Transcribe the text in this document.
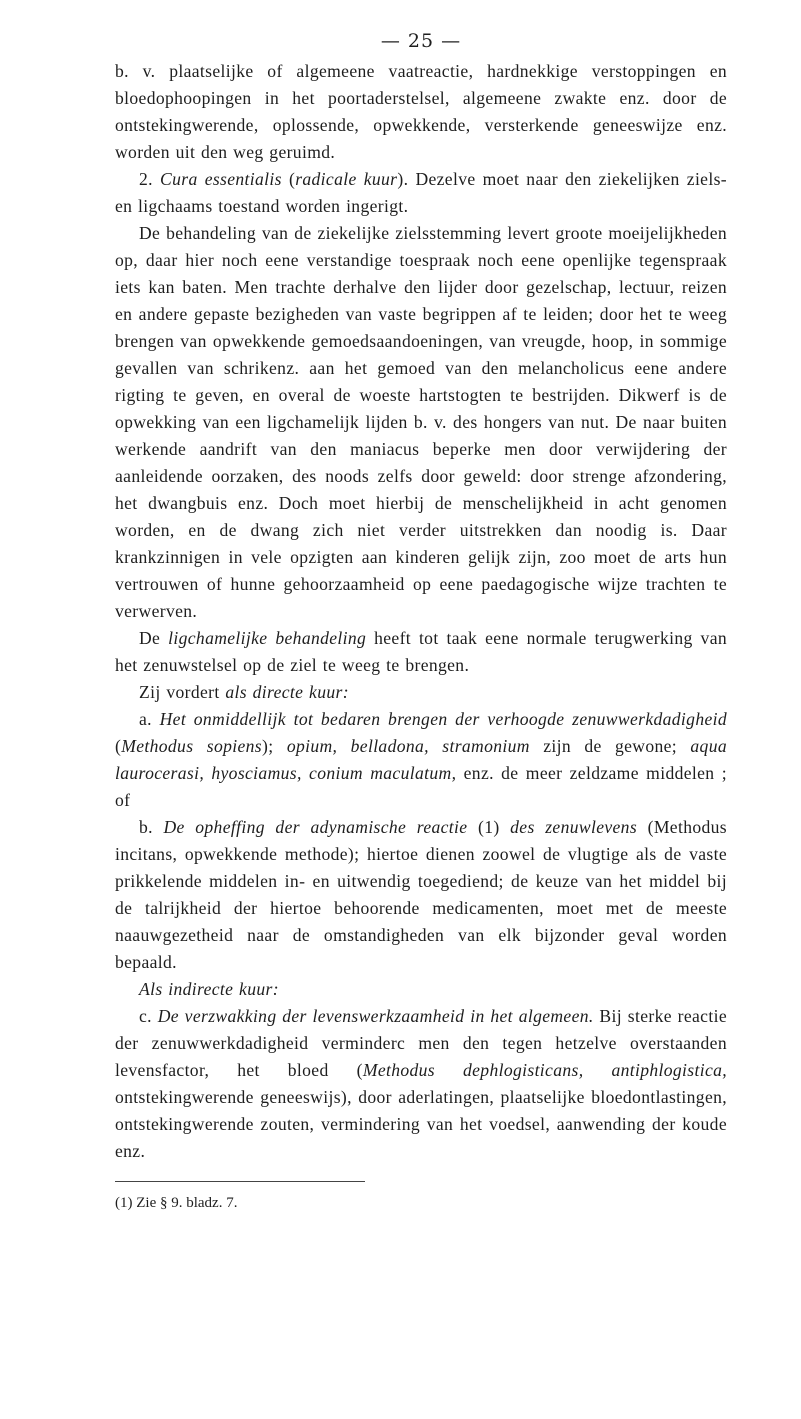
— 25 —

b. v. plaatselijke of algemeene vaatreactie, hardnekkige verstoppingen en bloedophoopingen in het poortaderstelsel, algemeene zwakte enz. door de ontstekingwerende, oplossende, opwekkende, versterkende geneeswijze enz. worden uit den weg geruimd.

2. Cura essentialis (radicale kuur). Dezelve moet naar den ziekelijken ziels- en ligchaams toestand worden ingerigt.

De behandeling van de ziekelijke zielsstemming levert groote moeijelijkheden op, daar hier noch eene verstandige toespraak noch eene openlijke tegenspraak iets kan baten. Men trachte derhalve den lijder door gezelschap, lectuur, reizen en andere gepaste bezigheden van vaste begrippen af te leiden; door het te weeg brengen van opwekkende gemoedsaandoeningen, van vreugde, hoop, in sommige gevallen van schrikenz. aan het gemoed van den melancholicus eene andere rigting te geven, en overal de woeste hartstogten te bestrijden. Dikwerf is de opwekking van een ligchamelijk lijden b. v. des hongers van nut. De naar buiten werkende aandrift van den maniacus beperke men door verwijdering der aanleidende oorzaken, des noods zelfs door geweld: door strenge afzondering, het dwangbuis enz. Doch moet hierbij de menschelijkheid in acht genomen worden, en de dwang zich niet verder uitstrekken dan noodig is. Daar krankzinnigen in vele opzigten aan kinderen gelijk zijn, zoo moet de arts hun vertrouwen of hunne gehoorzaamheid op eene paedagogische wijze trachten te verwerven.

De ligchamelijke behandeling heeft tot taak eene normale terugwerking van het zenuwstelsel op de ziel te weeg te brengen.

Zij vordert als directe kuur:

a. Het onmiddellijk tot bedaren brengen der verhoogde zenuwwerkdadigheid (Methodus sopiens); opium, belladona, stramonium zijn de gewone; aqua laurocerasi, hyosciamus, conium maculatum, enz. de meer zeldzame middelen ; of

b. De opheffing der adynamische reactie (1) des zenuwlevens (Methodus incitans, opwekkende methode); hiertoe dienen zoowel de vlugtige als de vaste prikkelende middelen in- en uitwendig toegediend; de keuze van het middel bij de talrijkheid der hiertoe behoorende medicamenten, moet met de meeste naauwgezetheid naar de omstandigheden van elk bijzonder geval worden bepaald.

Als indirecte kuur:

c. De verzwakking der levenswerkzaamheid in het algemeen. Bij sterke reactie der zenuwwerkdadigheid verminderc men den tegen hetzelve overstaanden levensfactor, het bloed (Methodus dephlogisticans, antiphlogistica, ontstekingwerende geneeswijs), door aderlatingen, plaatselijke bloedontlastingen, ontstekingwerende zouten, vermindering van het voedsel, aanwending der koude enz.

(1) Zie § 9. bladz. 7.
